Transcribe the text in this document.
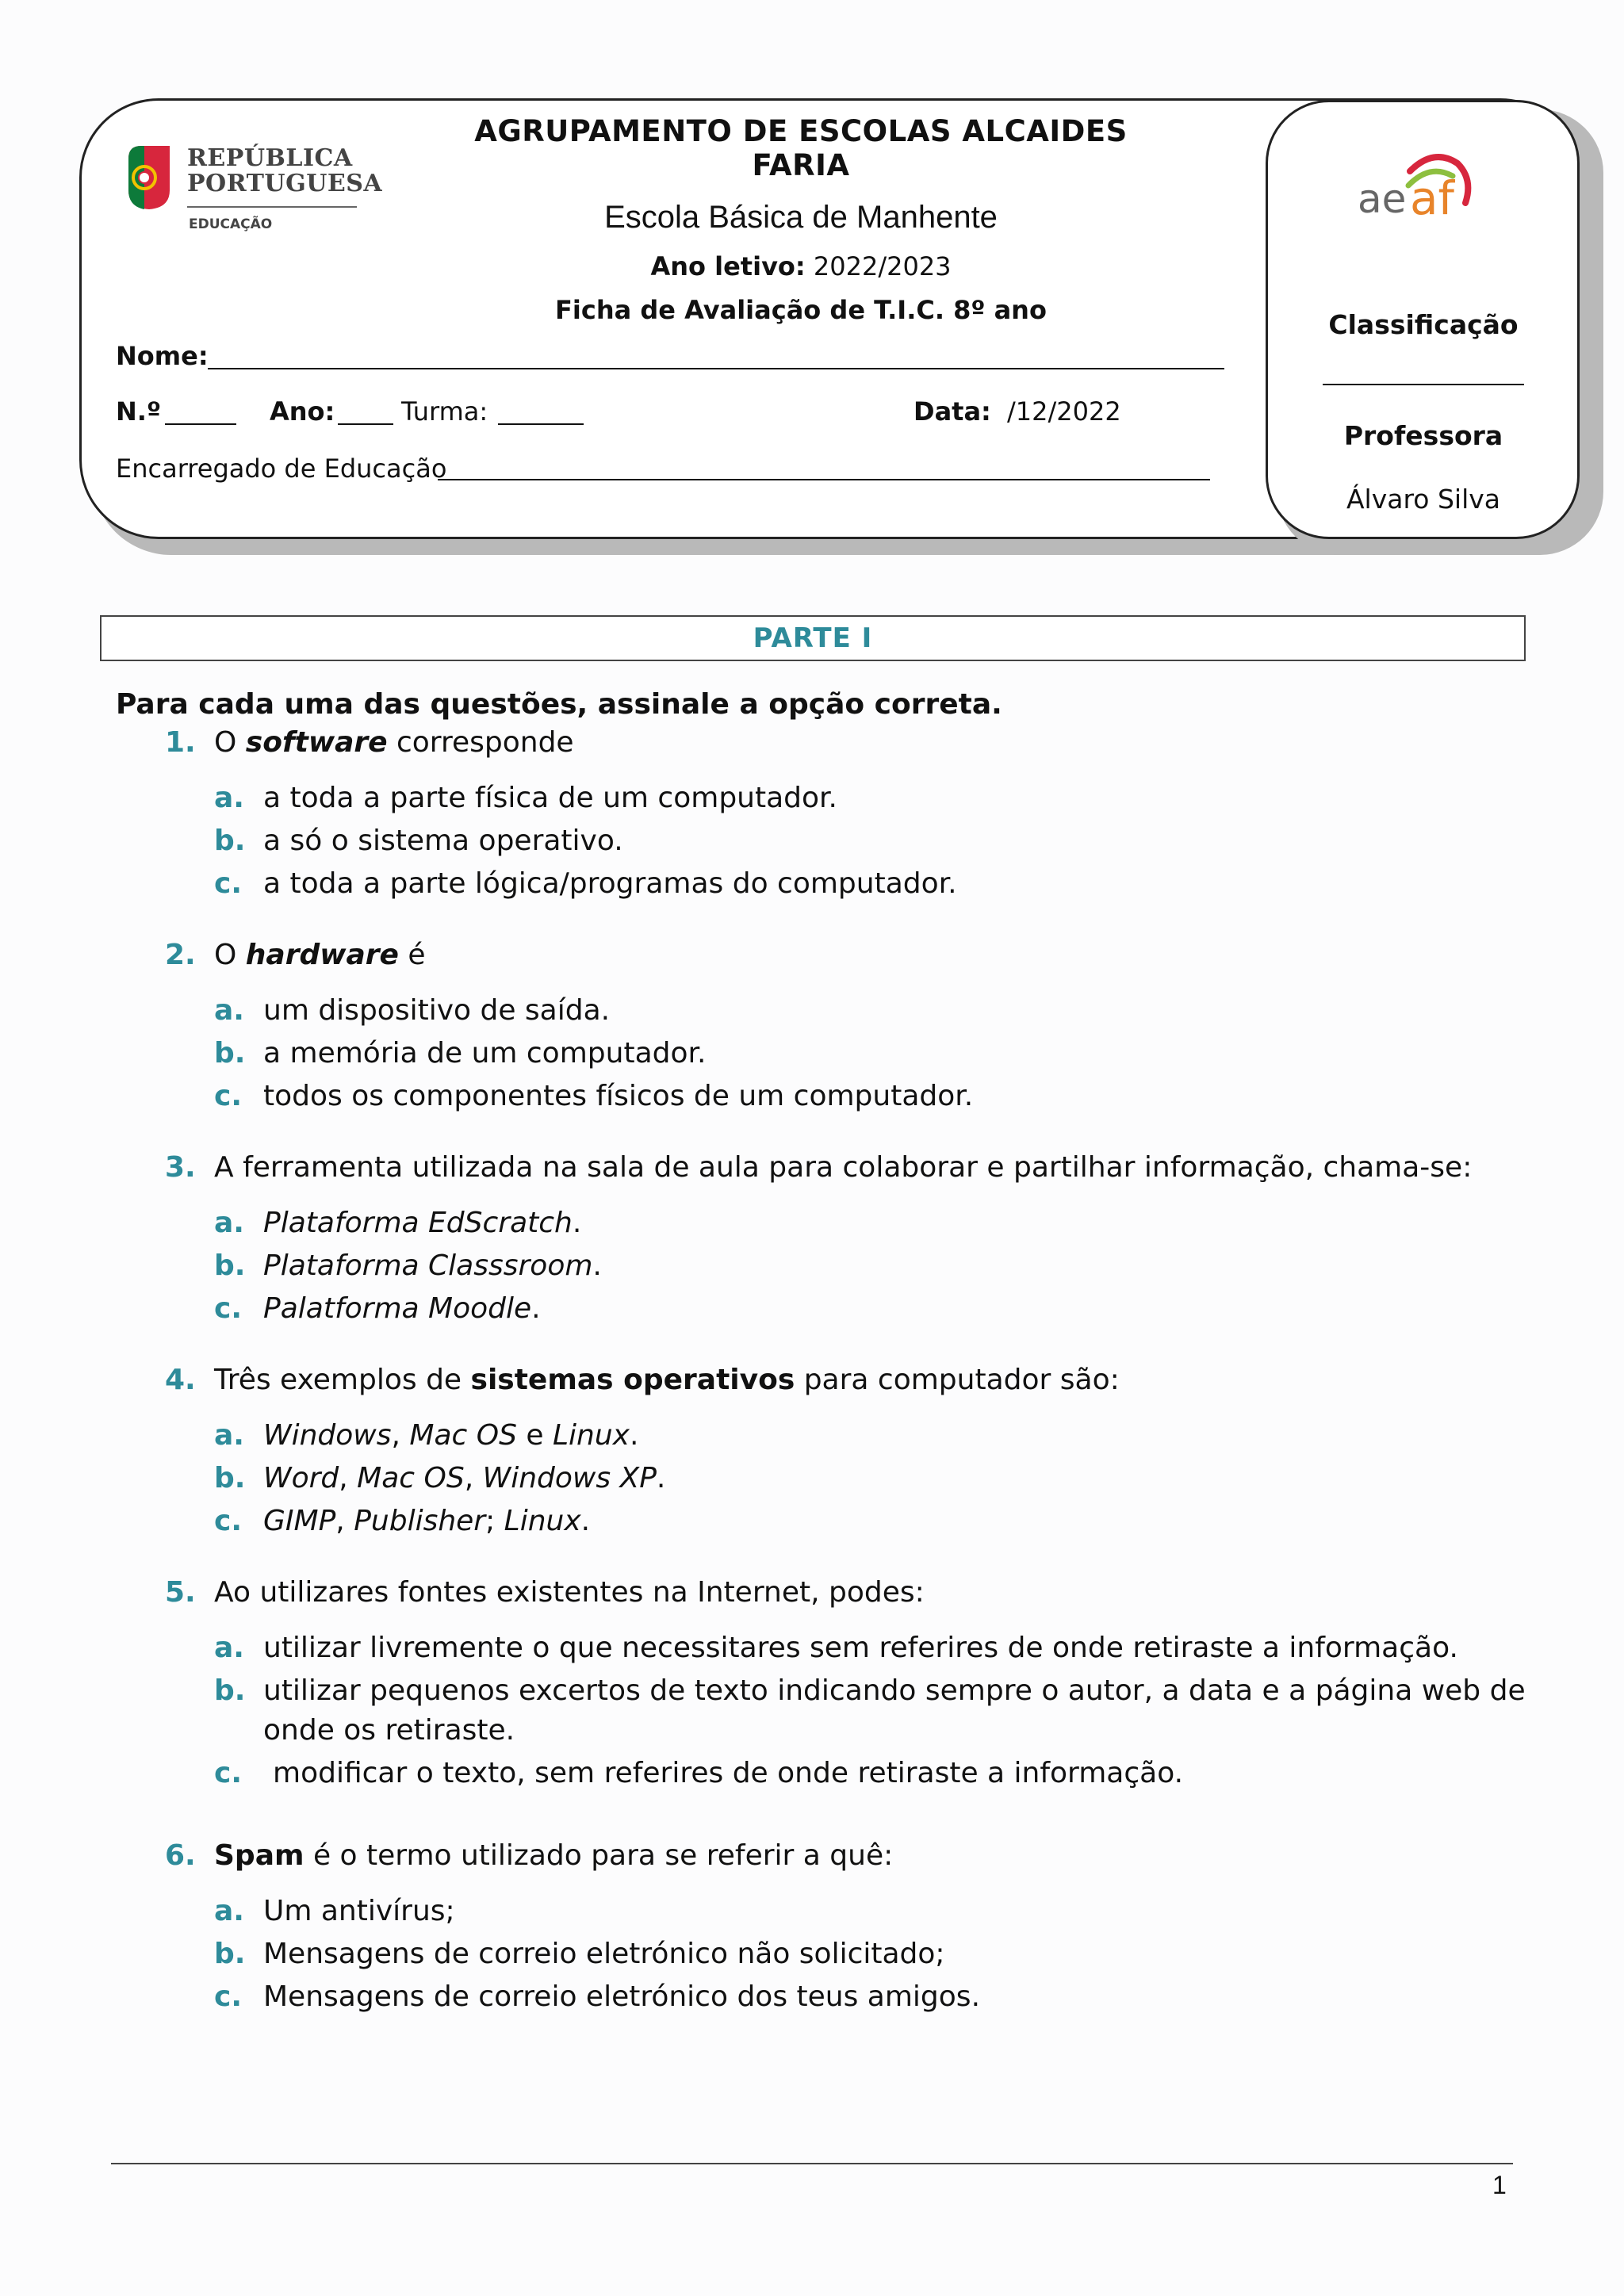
REPÚBLICA
PORTUGUESA
EDUCAÇÃO
ae af
AGRUPAMENTO DE ESCOLAS ALCAIDES FARIA
Escola Básica de Manhente
Ano letivo: 2022/2023
Ficha de Avaliação de T.I.C. 8º ano
Nome:
N.º	Ano:	Turma:	Data: /12/2022
Encarregado de Educação
Classificação
Professora
Álvaro Silva
PARTE I
Para cada uma das questões, assinale a opção correta.
1. O software corresponde
a. a toda a parte física de um computador.
b. a só o sistema operativo.
c. a toda a parte lógica/programas do computador.
2. O hardware é
a. um dispositivo de saída.
b. a memória de um computador.
c. todos os componentes físicos de um computador.
3. A ferramenta utilizada na sala de aula para colaborar e partilhar informação, chama-se:
a. Plataforma EdScratch.
b. Plataforma Classsroom.
c. Palatforma Moodle.
4. Três exemplos de sistemas operativos para computador são:
a. Windows, Mac OS e Linux.
b. Word, Mac OS, Windows XP.
c. GIMP, Publisher; Linux.
5. Ao utilizares fontes existentes na Internet, podes:
a. utilizar livremente o que necessitares sem referires de onde retiraste a informação.
b. utilizar pequenos excertos de texto indicando sempre o autor, a data e a página web de
onde os retiraste.
c. modificar o texto, sem referires de onde retiraste a informação.
6. Spam é o termo utilizado para se referir a quê:
a. Um antivírus;
b. Mensagens de correio eletrónico não solicitado;
c. Mensagens de correio eletrónico dos teus amigos.
1
